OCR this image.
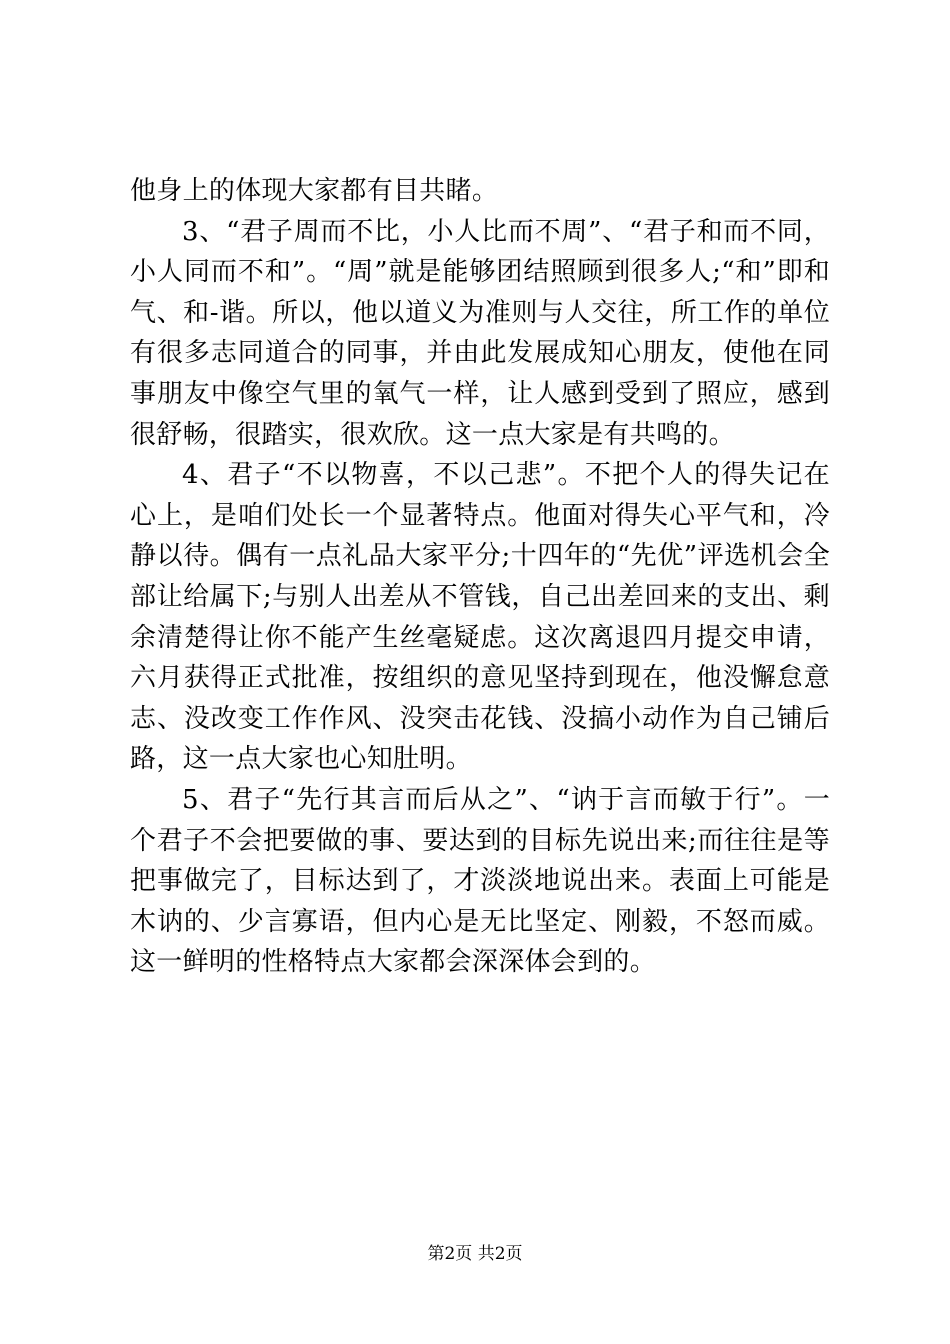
他身上的体现大家都有目共睹。

3、“君子周而不比，小人比而不周”、“君子和而不同，小人同而不和”。“周”就是能够团结照顾到很多人;“和”即和气、和-谐。所以，他以道义为准则与人交往，所工作的单位有很多志同道合的同事，并由此发展成知心朋友，使他在同事朋友中像空气里的氧气一样，让人感到受到了照应，感到很舒畅，很踏实，很欢欣。这一点大家是有共鸣的。

4、君子“不以物喜，不以己悲”。不把个人的得失记在心上，是咱们处长一个显著特点。他面对得失心平气和，冷静以待。偶有一点礼品大家平分;十四年的“先优”评选机会全部让给属下;与别人出差从不管钱，自己出差回来的支出、剩余清楚得让你不能产生丝毫疑虑。这次离退四月提交申请，六月获得正式批准，按组织的意见坚持到现在，他没懈怠意志、没改变工作作风、没突击花钱、没搞小动作为自己铺后路，这一点大家也心知肚明。

5、君子“先行其言而后从之”、“讷于言而敏于行”。一个君子不会把要做的事、要达到的目标先说出来;而往往是等把事做完了，目标达到了，才淡淡地说出来。表面上可能是木讷的、少言寡语，但内心是无比坚定、刚毅，不怒而威。这一鲜明的性格特点大家都会深深体会到的。

第2页 共2页
